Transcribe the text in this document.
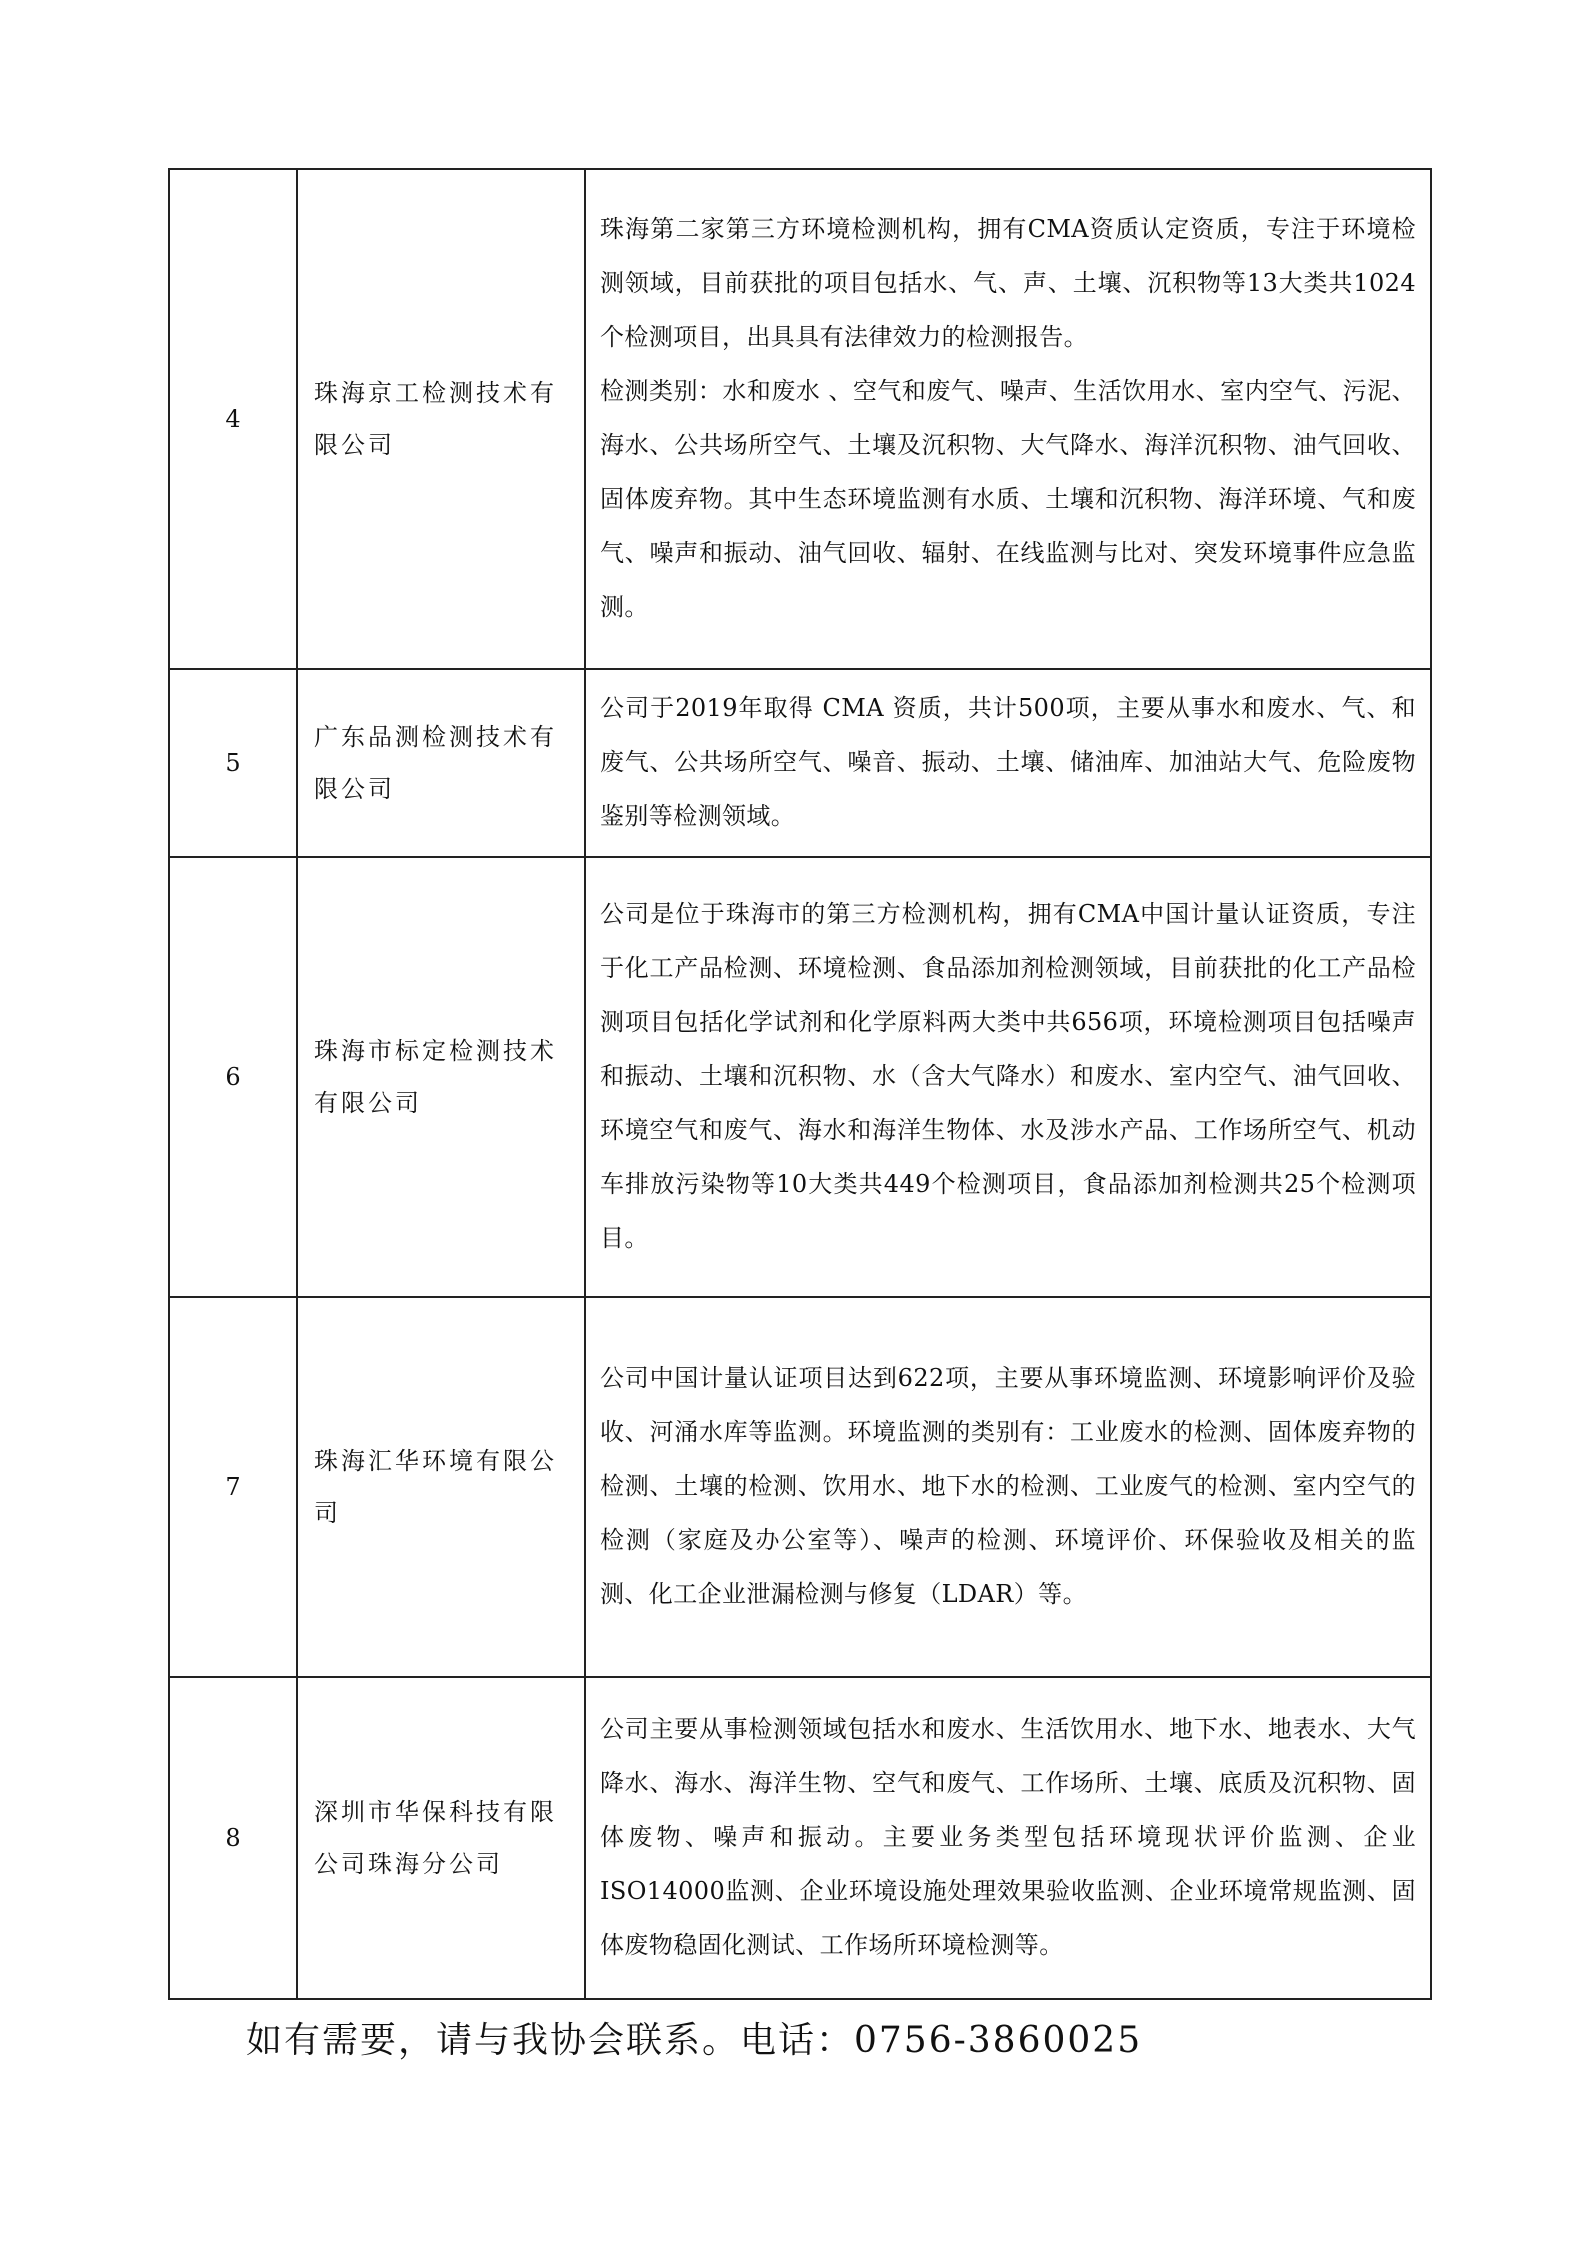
4	珠海京工检测技术有限公司	珠海第二家第三方环境检测机构，拥有CMA资质认定资质，专注于环境检测领域，目前获批的项目包括水、气、声、土壤、沉积物等13大类共1024个检测项目，出具具有法律效力的检测报告。

检测类别：水和废水 、空气和废气、噪声、生活饮用水、室内空气、污泥、海水、公共场所空气、土壤及沉积物、大气降水、海洋沉积物、油气回收、固体废弃物。其中生态环境监测有水质、土壤和沉积物、海洋环境、气和废气、噪声和振动、油气回收、辐射、在线监测与比对、突发环境事件应急监测。

5	广东品测检测技术有限公司	公司于2019年取得 CMA 资质，共计500项，主要从事水和废水、气、和废气、公共场所空气、噪音、振动、土壤、储油库、加油站大气、危险废物鉴别等检测领域。

6	珠海市标定检测技术有限公司	公司是位于珠海市的第三方检测机构，拥有CMA中国计量认证资质，专注于化工产品检测、环境检测、食品添加剂检测领域，目前获批的化工产品检测项目包括化学试剂和化学原料两大类中共656项，环境检测项目包括噪声和振动、土壤和沉积物、水（含大气降水）和废水、室内空气、油气回收、环境空气和废气、海水和海洋生物体、水及涉水产品、工作场所空气、机动车排放污染物等10大类共449个检测项目，食品添加剂检测共25个检测项目。

7	珠海汇华环境有限公司	公司中国计量认证项目达到622项，主要从事环境监测、环境影响评价及验收、河涌水库等监测。环境监测的类别有：工业废水的检测、固体废弃物的检测、土壤的检测、饮用水、地下水的检测、工业废气的检测、室内空气的检测（家庭及办公室等）、噪声的检测、环境评价、环保验收及相关的监测、化工企业泄漏检测与修复（LDAR）等。

8	深圳市华保科技有限公司珠海分公司	公司主要从事检测领域包括水和废水、生活饮用水、地下水、地表水、大气降水、海水、海洋生物、空气和废气、工作场所、土壤、底质及沉积物、固体废物、噪声和振动。主要业务类型包括环境现状评价监测、企业ISO14000监测、企业环境设施处理效果验收监测、企业环境常规监测、固体废物稳固化测试、工作场所环境检测等。

如有需要，请与我协会联系。电话：0756-3860025
